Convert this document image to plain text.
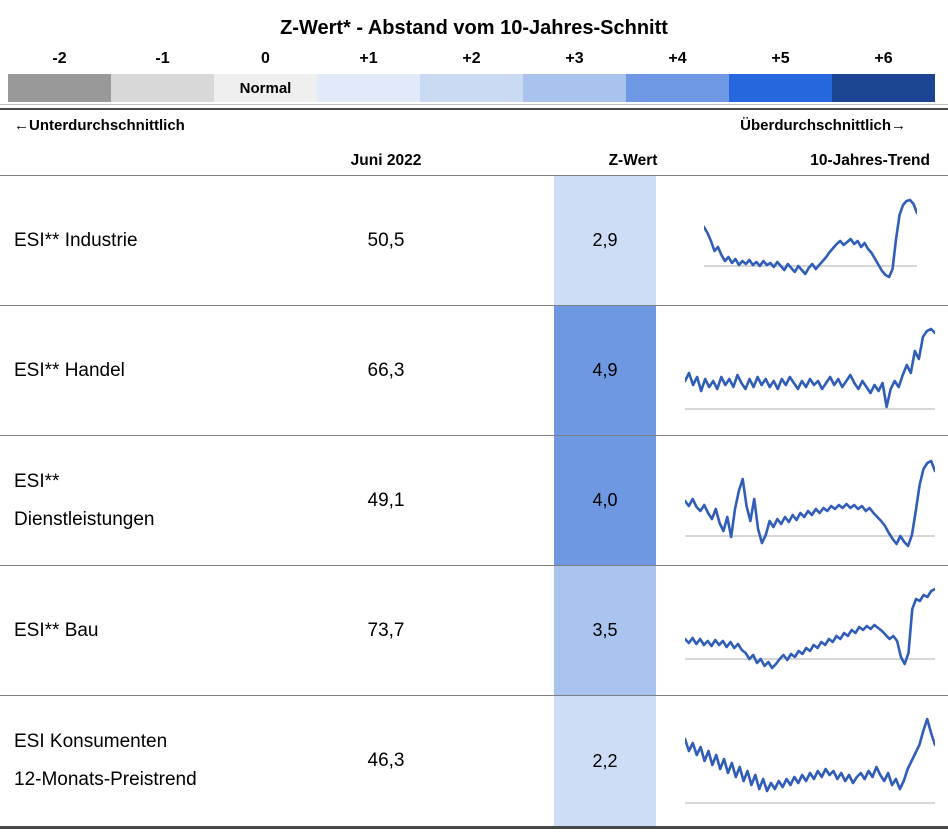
Z-Wert* - Abstand vom 10-Jahres-Schnitt
-2	-1	0	+1	+2	+3	+4	+5	+6
Normal
←Unterdurchschnittlich	Überdurchschnittlich→
Juni 2022	Z-Wert	10-Jahres-Trend
ESI** Industrie	50,5	2,9
ESI** Handel	66,3	4,9
ESI**
Dienstleistungen
49,1	4,0
ESI** Bau	73,7	3,5
ESI Konsumenten
12-Monats-Preistrend
46,3	2,2
